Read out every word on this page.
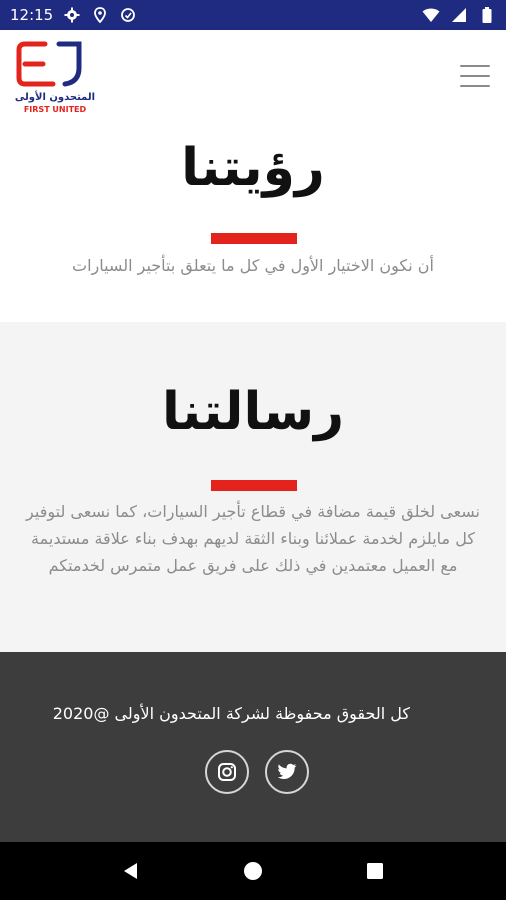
12:15
المتحدون الأولى
FIRST UNITED
رؤيتنا

أن نكون الاختيار الأول في كل ما يتعلق بتأجير السيارات

رسالتنا

نسعى لخلق قيمة مضافة في قطاع تأجير السيارات، كما نسعى لتوفير كل مايلزم لخدمة عملائنا وبناء الثقة لديهم بهدف بناء علاقة مستديمة مع العميل معتمدين في ذلك على فريق عمل متمرس لخدمتكم

كل الحقوق محفوظة لشركة المتحدون الأولى @2020
